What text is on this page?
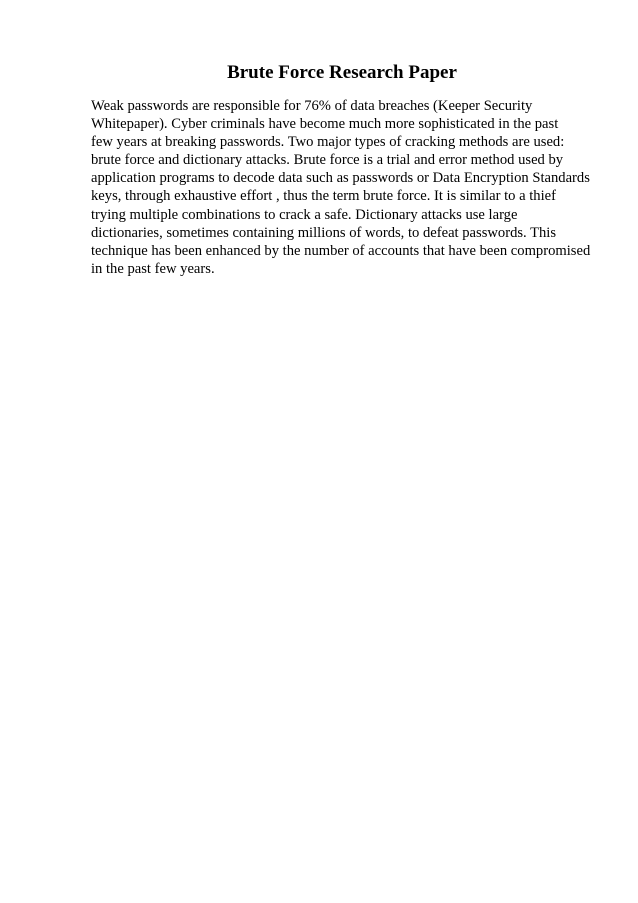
Brute Force Research Paper

Weak passwords are responsible for 76% of data breaches (Keeper Security
Whitepaper). Cyber criminals have become much more sophisticated in the past
few years at breaking passwords. Two major types of cracking methods are used:
brute force and dictionary attacks. Brute force is a trial and error method used by
application programs to decode data such as passwords or Data Encryption Standards
keys, through exhaustive effort , thus the term brute force. It is similar to a thief
trying multiple combinations to crack a safe. Dictionary attacks use large
dictionaries, sometimes containing millions of words, to defeat passwords. This
technique has been enhanced by the number of accounts that have been compromised
in the past few years.
